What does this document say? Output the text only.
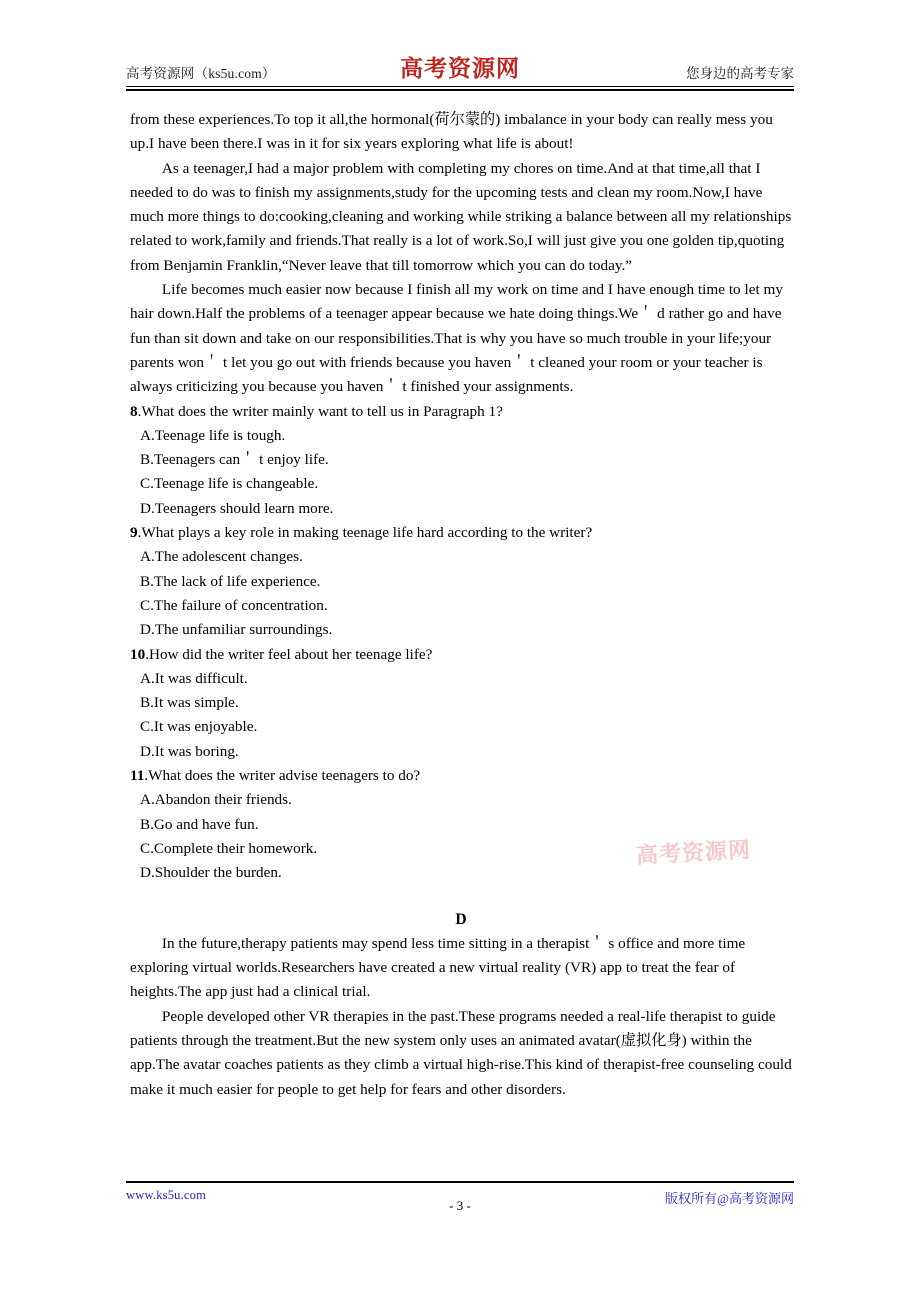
高考资源网（ks5u.com）	高考资源网	您身边的高考专家

from these experiences.To top it all,the hormonal(荷尔蒙的) imbalance in your body can really mess you up.I have been there.I was in it for six years exploring what life is about!

As a teenager,I had a major problem with completing my chores on time.And at that time,all that I needed to do was to finish my assignments,study for the upcoming tests and clean my room.Now,I have much more things to do:cooking,cleaning and working while striking a balance between all my relationships related to work,family and friends.That really is a lot of work.So,I will just give you one golden tip,quoting from Benjamin Franklin,“Never leave that till tomorrow which you can do today.”

Life becomes much easier now because I finish all my work on time and I have enough time to let my hair down.Half the problems of a teenager appear because we hate doing things.We＇ d rather go and have fun than sit down and take on our responsibilities.That is why you have so much trouble in your life;your parents won＇ t let you go out with friends because you haven＇ t cleaned your room or your teacher is always criticizing you because you haven＇ t finished your assignments.

8.What does the writer mainly want to tell us in Paragraph 1?

A.Teenage life is tough.

B.Teenagers can＇ t enjoy life.

C.Teenage life is changeable.

D.Teenagers should learn more.

9.What plays a key role in making teenage life hard according to the writer?

A.The adolescent changes.

B.The lack of life experience.

C.The failure of concentration.

D.The unfamiliar surroundings.

10.How did the writer feel about her teenage life?

A.It was difficult.

B.It was simple.

C.It was enjoyable.

D.It was boring.

11.What does the writer advise teenagers to do?

A.Abandon their friends.

B.Go and have fun.

C.Complete their homework.

D.Shoulder the burden.

D

In the future,therapy patients may spend less time sitting in a therapist＇ s office and more time exploring virtual worlds.Researchers have created a new virtual reality (VR) app to treat the fear of heights.The app just had a clinical trial.

People developed other VR therapies in the past.These programs needed a real-life therapist to guide patients through the treatment.But the new system only uses an animated avatar(虚拟化身) within the app.The avatar coaches patients as they climb a virtual high-rise.This kind of therapist-free counseling could make it much easier for people to get help for fears and other disorders.

高考资源网
www.ks5u.com
- 3 -	版权所有@高考资源网
